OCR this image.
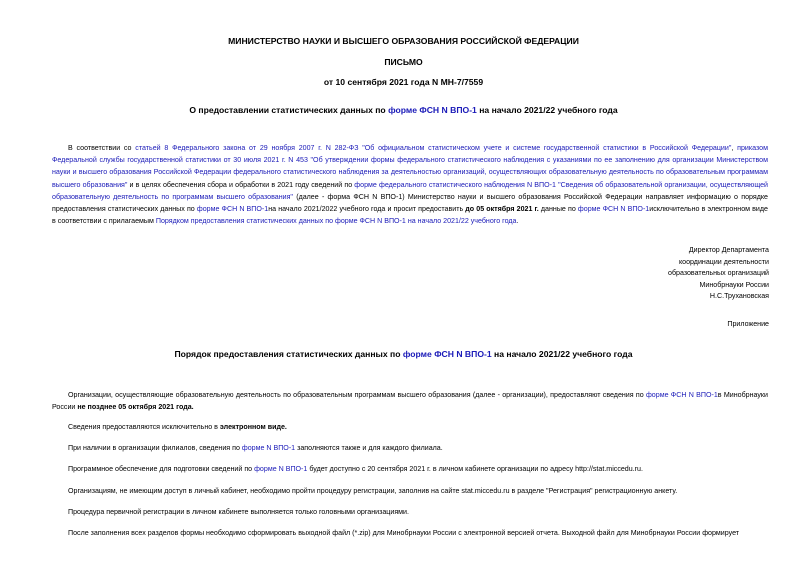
МИНИСТЕРСТВО НАУКИ И ВЫСШЕГО ОБРАЗОВАНИЯ РОССИЙСКОЙ ФЕДЕРАЦИИ
ПИСЬМО
от 10 сентября 2021 года N МН-7/7559
О предоставлении статистических данных по форме ФСН N ВПО-1 на начало 2021/22 учебного года

В соответствии со статьей 8 Федерального закона от 29 ноября 2007 г. N 282-ФЗ "Об официальном статистическом учете и системе государственной статистики в Российской Федерации", приказом Федеральной службы государственной статистики от 30 июля 2021 г. N 453 "Об утверждении формы федерального статистического наблюдения с указаниями по ее заполнению для организации Министерством науки и высшего образования Российской Федерации федерального статистического наблюдения за деятельностью организаций, осуществляющих образовательную деятельность по образовательным программам высшего образования" и в целях обеспечения сбора и обработки в 2021 году сведений по форме федерального статистического наблюдения N ВПО-1 "Сведения об образовательной организации, осуществляющей образовательную деятельность по программам высшего образования" (далее - форма ФСН N ВПО-1) Министерство науки и высшего образования Российской Федерации направляет информацию о порядке предоставления статистических данных по форме ФСН N ВПО-1на начало 2021/2022 учебного года и просит предоставить до 05 октября 2021 г. данные по форме ФСН N ВПО-1исключительно в электронном виде в соответствии с прилагаемым Порядком предоставления статистических данных по форме ФСН N ВПО-1 на начало 2021/22 учебного года.

Директор Департамента
координации деятельности
образовательных организаций
Минобрнауки России
Н.С.Трухановская
Приложение
Порядок предоставления статистических данных по форме ФСН N ВПО-1 на начало 2021/22 учебного года

Организации, осуществляющие образовательную деятельность по образовательным программам высшего образования (далее - организации), предоставляют сведения по форме ФСН N ВПО-1в Минобрнауки России не позднее 05 октября 2021 года.

Сведения предоставляются исключительно в электронном виде.
При наличии в организации филиалов, сведения по форме N ВПО-1 заполняются также и для каждого филиала.
Программное обеспечение для подготовки сведений по форме N ВПО-1 будет доступно с 20 сентября 2021 г. в личном кабинете организации по адресу http://stat.miccedu.ru.
Организациям, не имеющим доступ в личный кабинет, необходимо пройти процедуру регистрации, заполнив на сайте stat.miccedu.ru в разделе "Регистрация" регистрационную анкету.
Процедура первичной регистрации в личном кабинете выполняется только головными организациями.
После заполнения всех разделов формы необходимо сформировать выходной файл (*.zip) для Минобрнауки России с электронной версией отчета. Выходной файл для Минобрнауки России формирует
